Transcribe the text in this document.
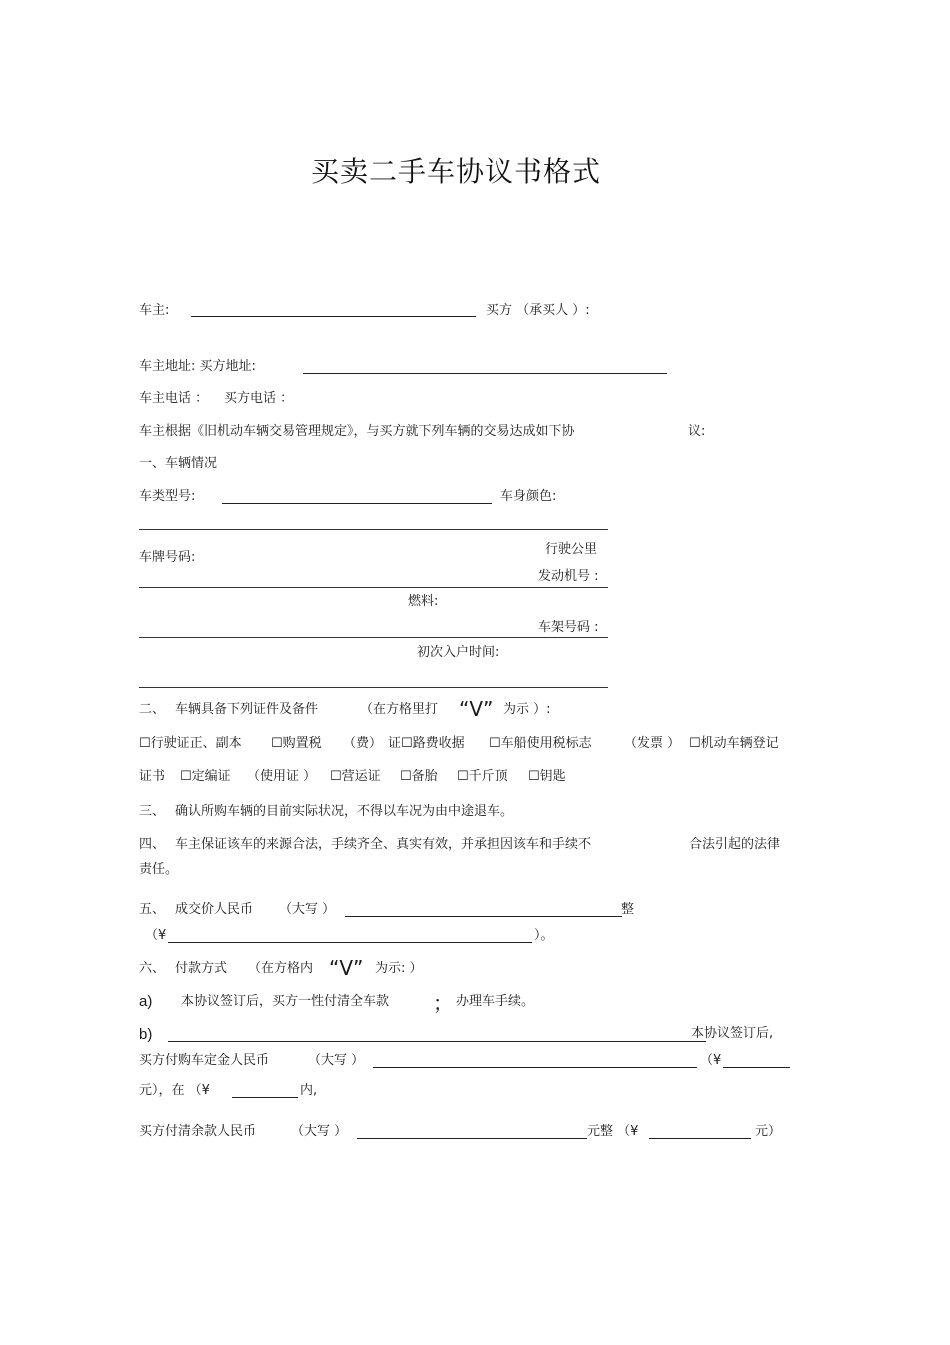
买卖二手车协议书格式
车主:	买方 （承买人 ）:
车主地址: 买方地址:
车主电话 ： 买方电话 ：
车主根据《旧机动车辆交易管理规定》，与买方就下列车辆的交易达成如下协	议:
一、车辆情况
车类型号:	车身颜色:
车牌号码:
行驶公里
发动机号 :
燃料:
车架号码 :
初次入户时间:
二、 车辆具备下列证件及备件	（在方格里打 “V” 为示 ）:
☐行驶证正、副本 ☐购置税 （费） 证☐路费收据 ☐车船使用税标志 （发票 ） ☐机动车辆登记
证书 ☐定编证 （使用证 ） ☐营运证 ☐备胎 ☐千斤顶 ☐钥匙
三、 确认所购车辆的目前实际状况，不得以车况为由中途退车。
四、 车主保证该车的来源合法，手续齐全、真实有效，并承担因该车和手续不	合法引起的法律
责任。
五、 成交价人民币 （大写 ）	整
（¥	）。
六、 付款方式 （在方格内 “V” 为示: ）
a) 本协议签订后，买方一性付清全车款 ； 办理车手续。
b)	本协议签订后,
买方付购车定金人民币	（大写 ）	（¥
元），在 （¥	内,
买方付清余款人民币	（大写 ）	元整 （¥	元）
